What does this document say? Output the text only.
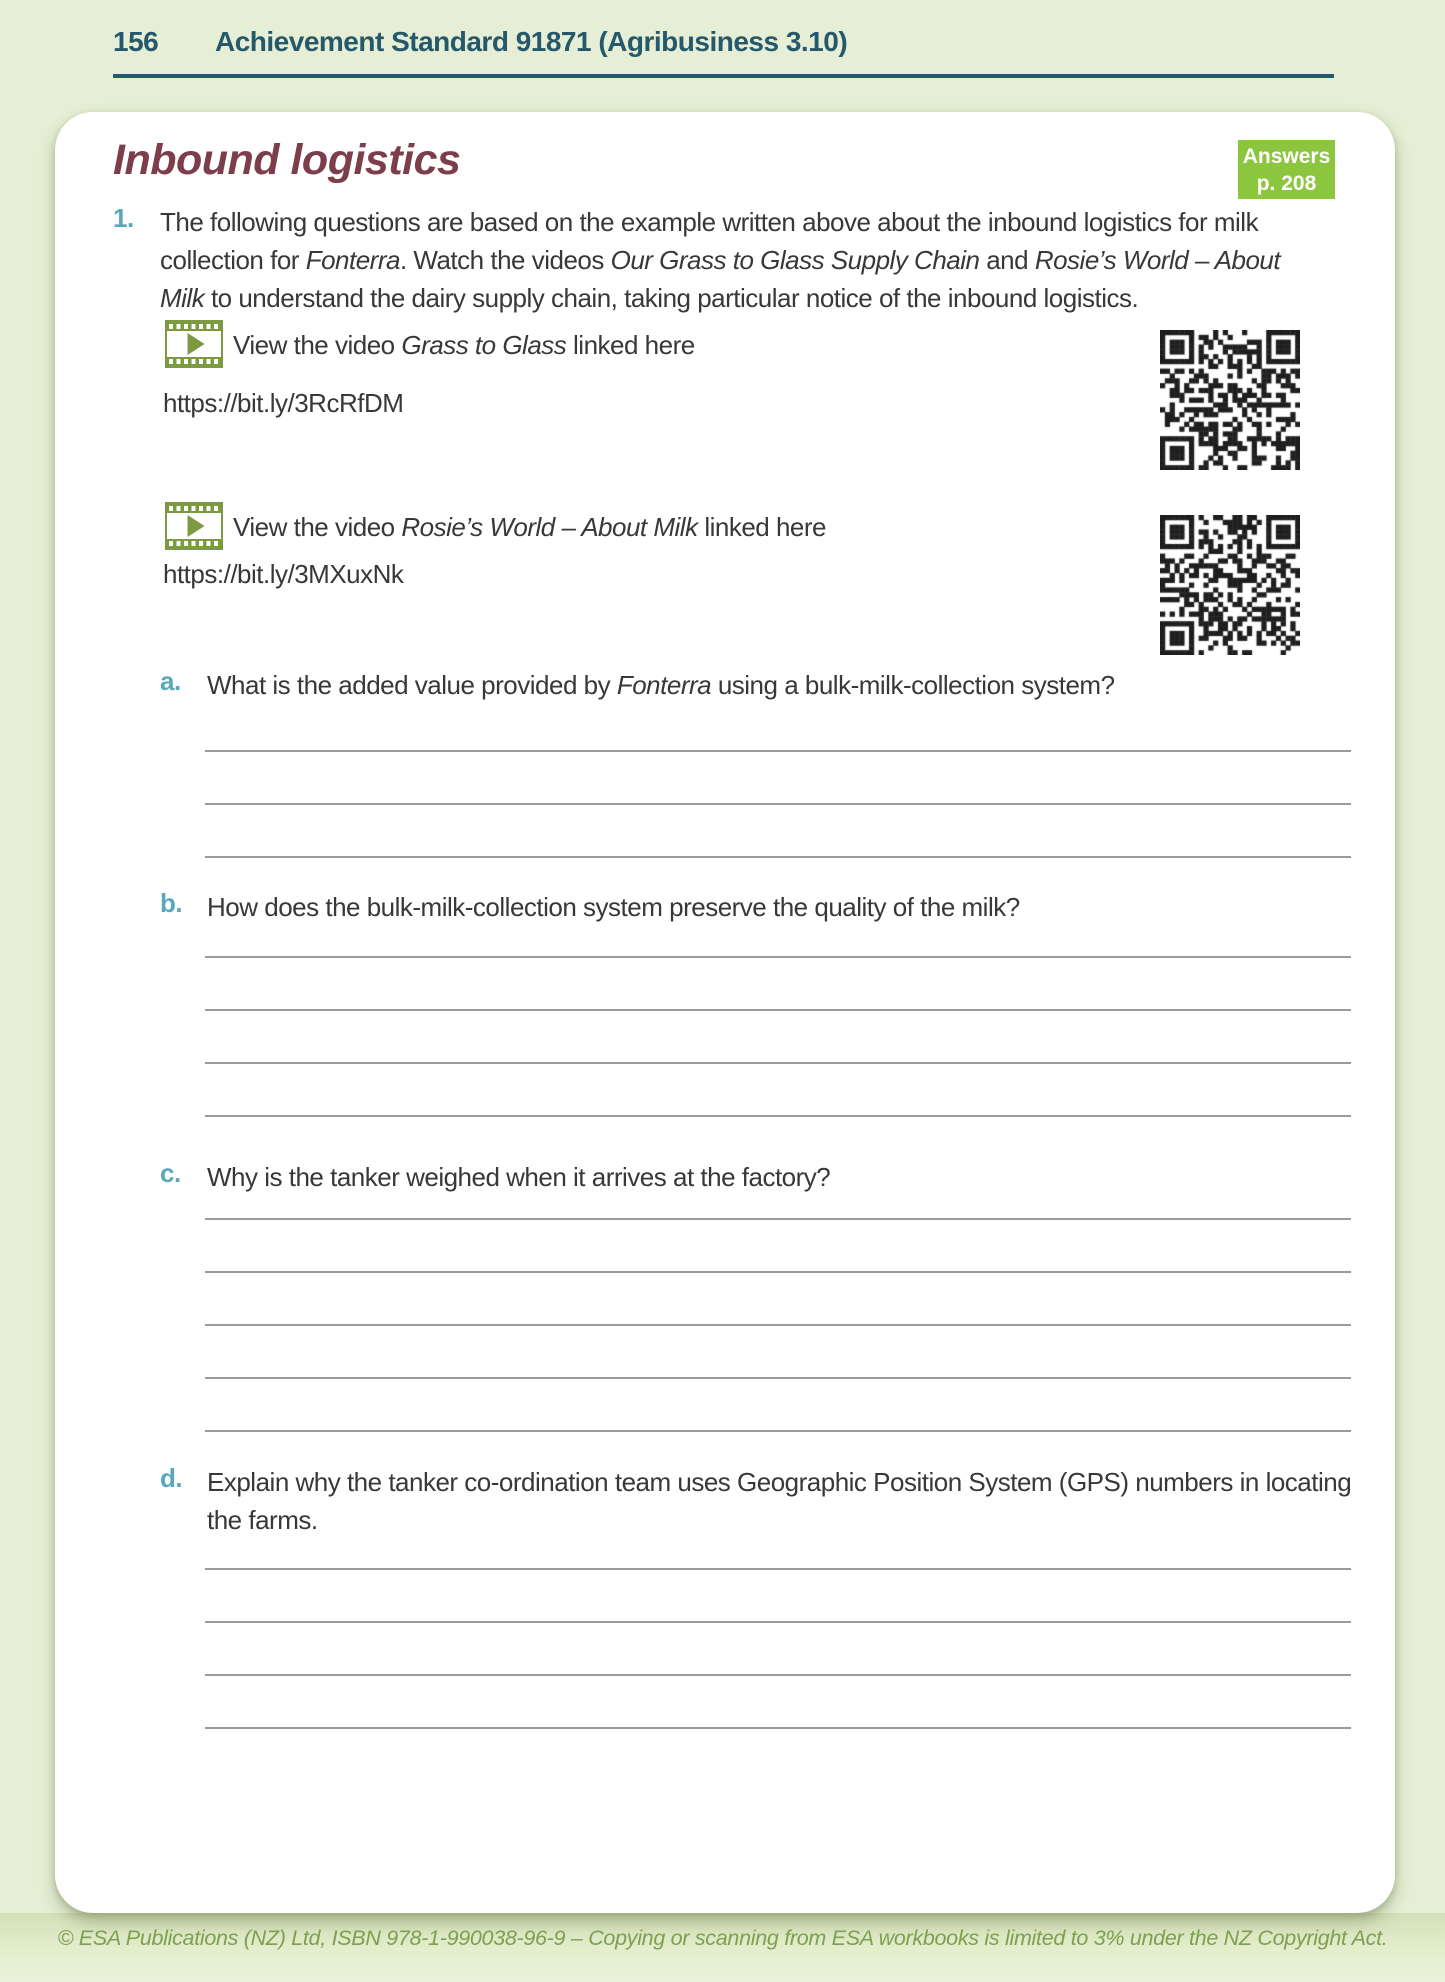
156 Achievement Standard 91871 (Agribusiness 3.10)
Inbound logistics	Answers
p. 208
1. The following questions are based on the example written above about the inbound logistics for milk collection for Fonterra. Watch the videos Our Grass to Glass Supply Chain and Rosie’s World – About Milk to understand the dairy supply chain, taking particular notice of the inbound logistics.

View the video Grass to Glass linked here
https://bit.ly/3RcRfDM
View the video Rosie’s World – About Milk linked here
https://bit.ly/3MXuxNk
a. What is the added value provided by Fonterra using a bulk-milk-collection system?
b. How does the bulk-milk-collection system preserve the quality of the milk?
c. Why is the tanker weighed when it arrives at the factory?
d. Explain why the tanker co-ordination team uses Geographic Position System (GPS) numbers in locating the farms.
© ESA Publications (NZ) Ltd, ISBN 978-1-990038-96-9 – Copying or scanning from ESA workbooks is limited to 3% under the NZ Copyright Act.
